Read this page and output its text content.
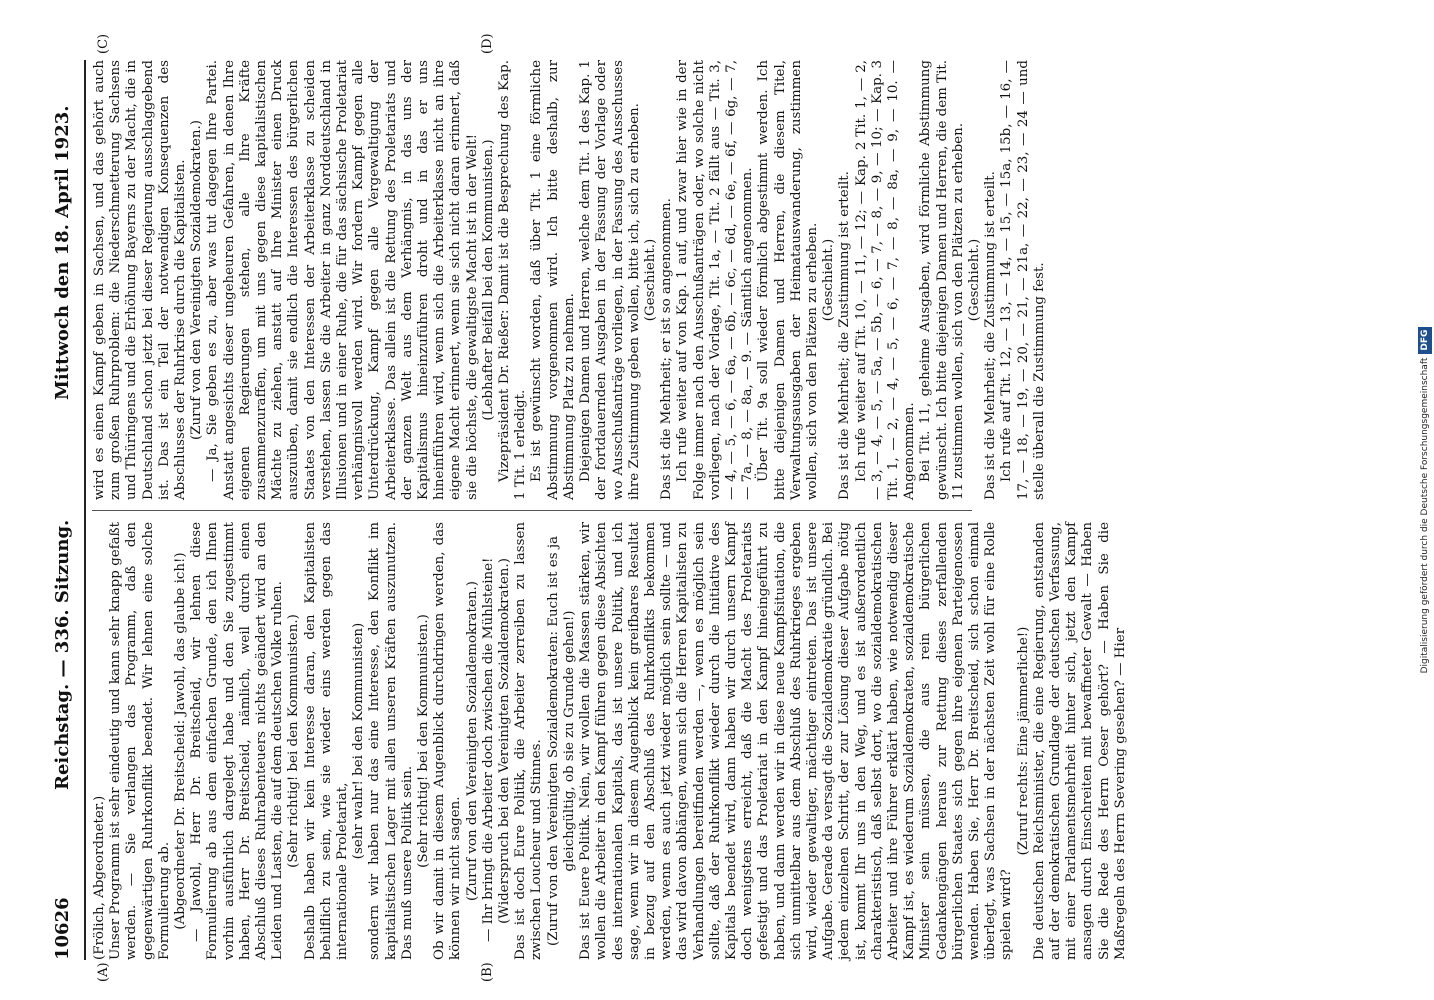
10626
Reichstag. — 336. Sitzung.
Mittwoch den 18. April 1923.
(A)	(B)
(C)	(D)

(Frölich, Abgeordneter.) Unser Programm ist sehr eindeutig und kann sehr knapp gefaßt werden. — Sie verlangen das Programm, daß den gegenwärtigen Ruhrkonflikt beendet. Wir lehnen eine solche Formulierung ab. (Abgeordneter Dr. Breitscheid: Jawohl, das glaube ich!) — Jawohl, Herr Dr. Breitscheid, wir lehnen diese Formulierung ab aus dem einfachen Grunde, den ich Ihnen vorhin ausführlich dargelegt habe und den Sie zugestimmt haben, Herr Dr. Breitscheid, nämlich, weil durch einen Abschluß dieses Ruhrabenteuers nichts geändert wird an den Leiden und Lasten, die auf dem deutschen Volke ruhen. (Sehr richtig! bei den Kommunisten.) Deshalb haben wir kein Interesse daran, den Kapitalisten behilflich zu sein, wie sie wieder eins werden gegen das internationale Proletariat,

(sehr wahr! bei den Kommunisten) sondern wir haben nur das eine Interesse, den Konflikt im kapitalistischen Lager mit allen unseren Kräften auszunutzen. Das muß unsere Politik sein. (Sehr richtig! bei den Kommunisten.) Ob wir damit in diesem Augenblick durchdringen werden, das können wir nicht sagen. (Zuruf von den Vereinigten Sozialdemokraten.) — Ihr bringt die Arbeiter doch zwischen die Mühlsteine! (Widerspruch bei den Vereinigten Sozialdemokraten.) Das ist doch Eure Politik, die Arbeiter zerreiben zu lassen zwischen Loucheur und Stinnes. (Zuruf von den Vereinigten Sozialdemokraten: Euch ist es ja gleichgültig, ob sie zu Grunde gehen!) Das ist Euere Politik. Nein, wir wollen die Massen stärken, wir wollen die Arbeiter in den Kampf führen gegen diese Absichten des internationalen Kapitals, das ist unsere Politik, und ich sage, wenn wir in diesem Augenblick kein greifbares Resultat in bezug auf den Abschluß des Ruhrkonflikts bekommen werden, wenn es auch jetzt wieder möglich sein sollte — und das wird davon abhängen, wann sich die Herren Kapitalisten zu Verhandlungen bereitfinden werden —, wenn es möglich sein sollte, daß der Ruhrkonflikt wieder durch die Initiative des Kapitals beendet wird, dann haben wir durch unsern Kampf doch wenigstens erreicht, daß die Macht des Proletariats gefestigt und das Proletariat in den Kampf hineingeführt zu haben, und dann werden wir in diese neue Kampfsituation, die sich unmittelbar aus dem Abschluß des Ruhrkrieges ergeben wird, wieder gewaltiger, mächtiger eintreten. Das ist unsere Aufgabe. Gerade da versagt die Sozialdemokratie gründlich. Bei jedem einzelnen Schritt, der zur Lösung dieser Aufgabe nötig ist, kommt Ihr uns in den Weg, und es ist außerordentlich charakteristisch, daß selbst dort, wo die sozialdemokratischen Arbeiter und ihre Führer erklärt haben, wie notwendig dieser Kampf ist, es wiederum Sozialdemokraten, sozialdemokratische Minister sein müssen, die aus rein bürgerlichen Gedankengängen heraus zur Rettung dieses zerfallenden bürgerlichen Staates sich gegen ihre eigenen Parteigenossen wenden. Haben Sie, Herr Dr. Breitscheid, sich schon einmal überlegt, was Sachsen in der nächsten Zeit wohl für eine Rolle spielen wird?

(Zuruf rechts: Eine jämmerliche!) Die deutschen Reichsminister, die eine Regierung, entstanden auf der demokratischen Grundlage der deutschen Verfassung, mit einer Parlamentsmehrheit hinter sich, jetzt den Kampf ansagen durch Einschreiten mit bewaffneter Gewalt — Haben Sie die Rede des Herrn Oeser gehört? — Haben Sie die Maßregeln des Herrn Severing gesehen? — Hier

wird es einen Kampf geben in Sachsen, und das gehört auch zum großen Ruhrproblem: die Niederschmetterung Sachsens und Thüringens und die Erhöhung Bayerns zu der Macht, die in Deutschland schon jetzt bei dieser Regierung ausschlaggebend ist. Das ist ein Teil der notwendigen Konsequenzen des Abschlusses der Ruhrkrise durch die Kapitalisten. (Zuruf von den Vereinigten Sozialdemokraten.) — Ja, Sie geben es zu, aber was tut dagegen Ihre Partei. Anstatt angesichts dieser ungeheuren Gefahren, in denen Ihre eigenen Regierungen stehen, alle Ihre Kräfte zusammenzuraffen, um mit uns gegen diese kapitalistischen Mächte zu ziehen, anstatt auf Ihre Minister einen Druck auszuüben, damit sie endlich die Interessen des bürgerlichen Staates von den Interessen der Arbeiterklasse zu scheiden verstehen, lassen Sie die Arbeiter in ganz Norddeutschland in Illusionen und in einer Ruhe, die für das sächsische Proletariat verhängnisvoll werden wird. Wir fordern Kampf gegen alle Unterdrückung, Kampf gegen alle Vergewaltigung der Arbeiterklasse. Das allein ist die Rettung des Proletariats und der ganzen Welt aus dem Verhängnis, in das uns der Kapitalismus hineinzuführen droht und in das er uns hineinführen wird, wenn sich die Arbeiterklasse nicht an ihre eigene Macht erinnert, wenn sie sich nicht daran erinnert, daß sie die höchste, die gewaltigste Macht ist in der Welt! (Lebhafter Beifall bei den Kommunisten.) Vizepräsident Dr. Rießer: Damit ist die Besprechung des Kap. 1 Tit. 1 erledigt. Es ist gewünscht worden, daß über Tit. 1 eine förmliche Abstimmung vorgenommen wird. Ich bitte deshalb, zur Abstimmung Platz zu nehmen. Diejenigen Damen und Herren, welche dem Tit. 1 des Kap. 1 der fortdauernden Ausgaben in der Fassung der Vorlage oder wo Ausschußanträge vorliegen, in der Fassung des Ausschusses ihre Zustimmung geben wollen, bitte ich, sich zu erheben. (Geschieht.) Das ist die Mehrheit; er ist so angenommen. Ich rufe weiter auf von Kap. 1 auf, und zwar hier wie in der Folge immer nach den Ausschußanträgen oder, wo solche nicht vorliegen, nach der Vorlage, Tit. 1a, — Tit. 2 fällt aus — Tit. 3, — 4, — 5, — 6, — 6a, — 6b, — 6c, — 6d, — 6e, — 6f, — 6g, — 7, — 7a, — 8, — 8a, — 9. — Sämtlich angenommen. Über Tit. 9a soll wieder förmlich abgestimmt werden. Ich bitte diejenigen Damen und Herren, die diesem Titel, Verwaltungsausgaben der Heimatauswanderung, zustimmen wollen, sich von den Plätzen zu erheben. (Geschieht.) Das ist die Mehrheit; die Zustimmung ist erteilt. Ich rufe weiter auf Tit. 10, — 11, — 12; — Kap. 2 Tit. 1, — 2, — 3, — 4, — 5, — 5a, — 5b, — 6, — 7, — 8, — 9, — 10; — Kap. 3 Tit. 1, — 2, — 4, — 5, — 6, — 7, — 8, — 8a, — 9, — 10. — Angenommen. Bei Tit. 11, geheime Ausgaben, wird förmliche Abstimmung gewünscht. Ich bitte diejenigen Damen und Herren, die dem Tit. 11 zustimmen wollen, sich von den Plätzen zu erheben. (Geschieht.) Das ist die Mehrheit; die Zustimmung ist erteilt. Ich rufe auf Tit. 12, — 13, — 14, — 15, — 15a, 15b, — 16, — 17, — 18, — 19, — 20, — 21, — 21a, — 22, — 23, — 24 — und stelle überall die Zustimmung fest.	Digitalisierung gefördert durch die Deutsche ForschungsgemeinschaftDFG
